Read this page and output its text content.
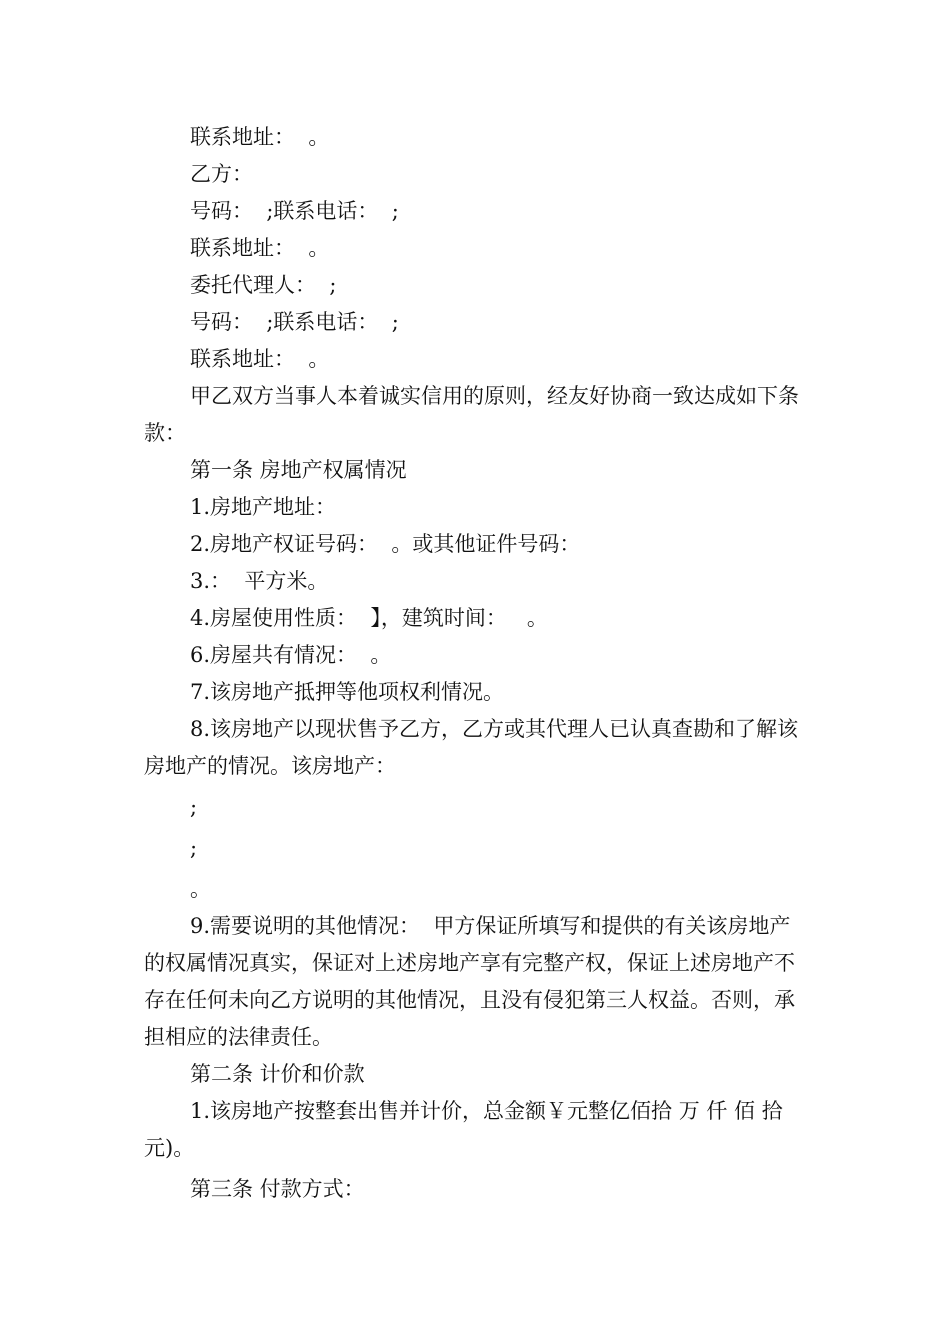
联系地址：  。

乙方：

号码：  ;联系电话：  ;

联系地址：  。

委托代理人：  ;

号码：  ;联系电话：  ;

联系地址：  。

甲乙双方当事人本着诚实信用的原则，经友好协商一致达成如下条款：

第一条 房地产权属情况

1.房地产地址：

2.房地产权证号码：  。或其他证件号码：

3.：  平方米。

4.房屋使用性质：  】，建筑时间：   。

6.房屋共有情况：  。

7.该房地产抵押等他项权利情况。

8.该房地产以现状售予乙方，乙方或其代理人已认真查勘和了解该房地产的情况。该房地产：

;

;

。

9.需要说明的其他情况：  甲方保证所填写和提供的有关该房地产的权属情况真实，保证对上述房地产享有完整产权，保证上述房地产不存在任何未向乙方说明的其他情况，且没有侵犯第三人权益。否则，承担相应的法律责任。

第二条 计价和价款

1.该房地产按整套出售并计价，总金额￥元整亿佰拾 万 仟 佰 拾 元)。

第三条 付款方式：
